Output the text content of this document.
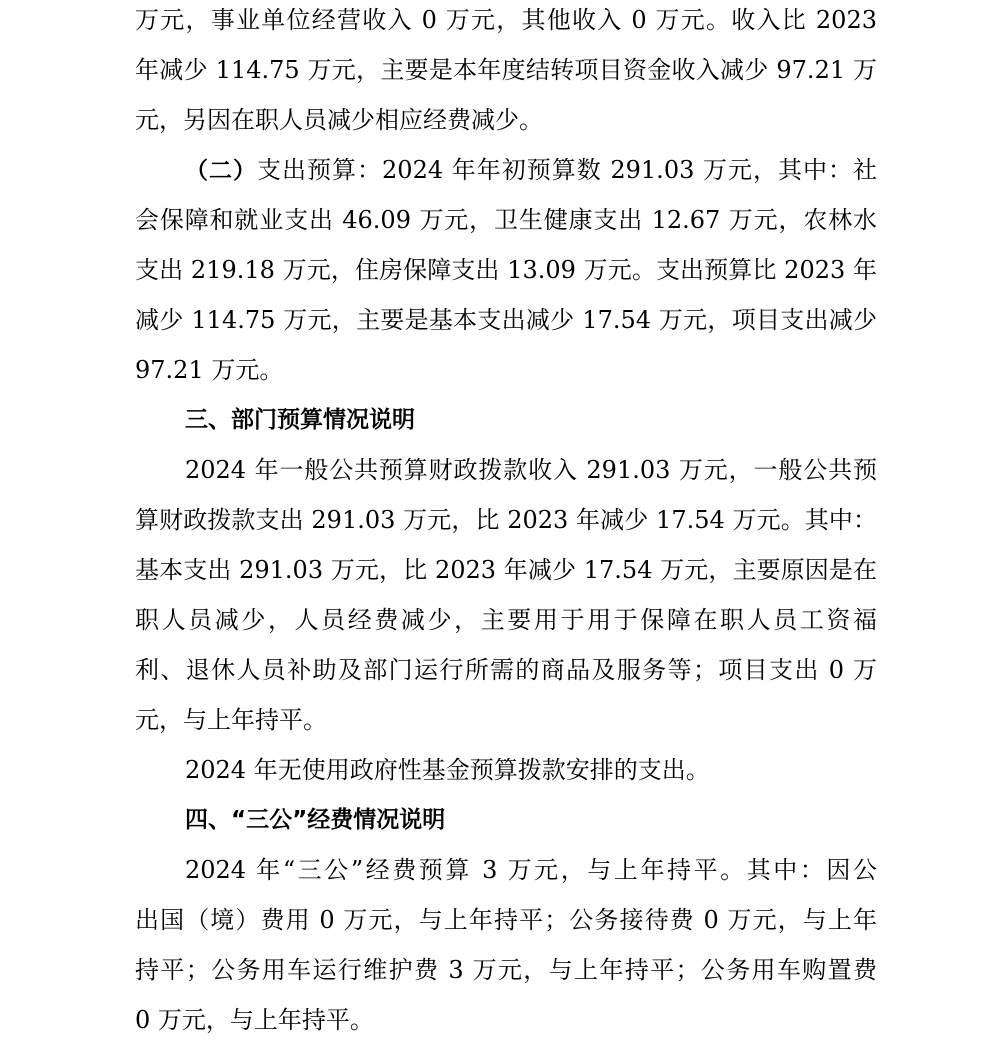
万元，事业单位经营收入 0 万元，其他收入 0 万元。收入比 2023
年减少 114.75 万元，主要是本年度结转项目资金收入减少 97.21 万
元，另因在职人员减少相应经费减少。
（二）支出预算：2024 年年初预算数 291.03 万元，其中：社
会保障和就业支出 46.09 万元，卫生健康支出 12.67 万元，农林水
支出 219.18 万元，住房保障支出 13.09 万元。支出预算比 2023 年
减少 114.75 万元，主要是基本支出减少 17.54 万元，项目支出减少
97.21 万元。
三、部门预算情况说明
2024 年一般公共预算财政拨款收入 291.03 万元，一般公共预
算财政拨款支出 291.03 万元，比 2023 年减少 17.54 万元。其中：
基本支出 291.03 万元，比 2023 年减少 17.54 万元，主要原因是在
职人员减少，人员经费减少，主要用于用于保障在职人员工资福
利、退休人员补助及部门运行所需的商品及服务等；项目支出 0 万
元，与上年持平。
2024 年无使用政府性基金预算拨款安排的支出。
四、“三公”经费情况说明
2024 年“三公”经费预算 3 万元，与上年持平。其中：因公
出国（境）费用 0 万元，与上年持平；公务接待费 0 万元，与上年
持平；公务用车运行维护费 3 万元，与上年持平；公务用车购置费
0 万元，与上年持平。
